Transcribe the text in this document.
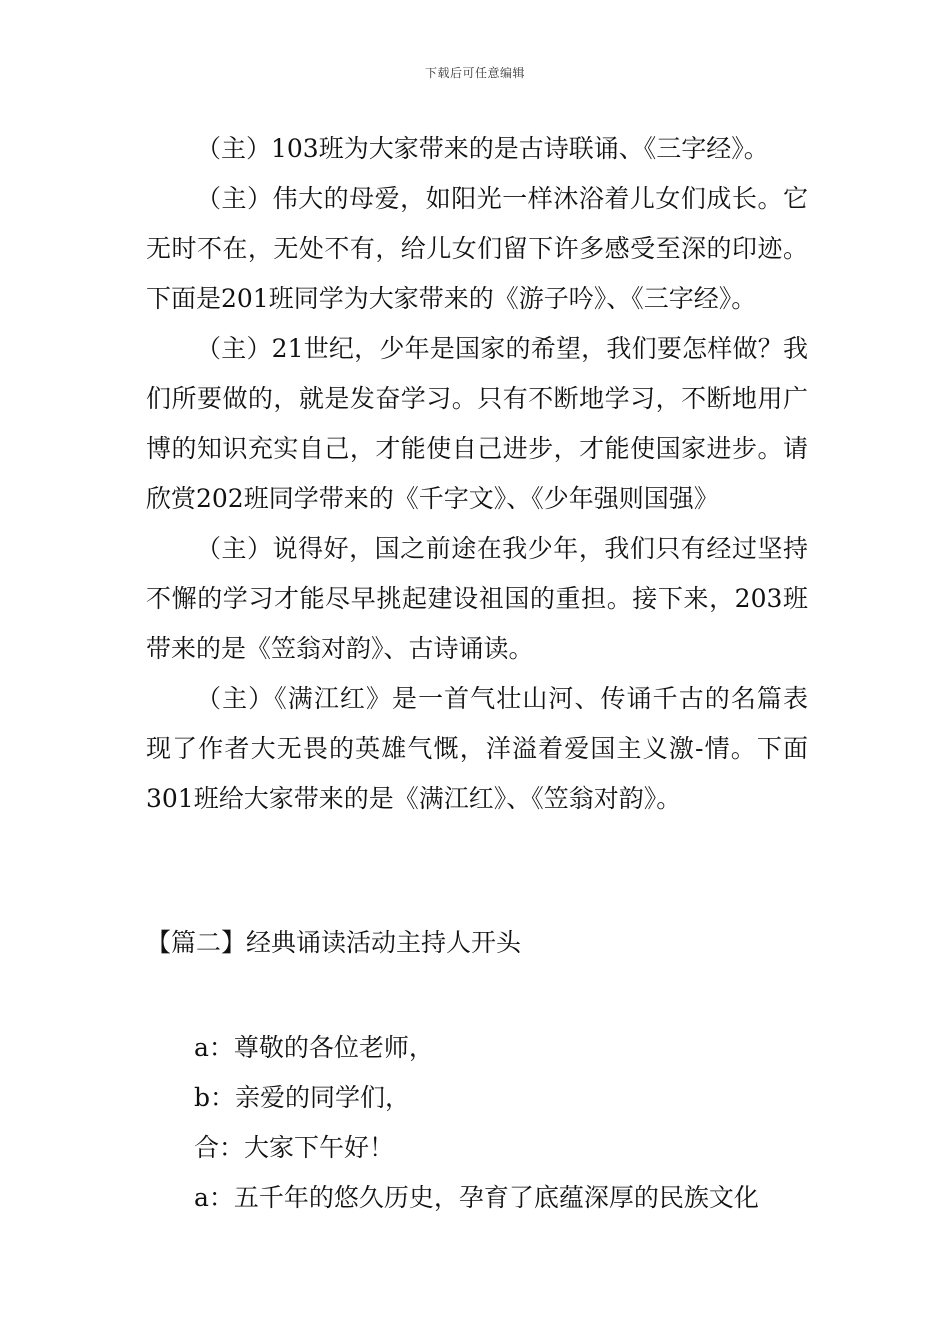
下载后可任意编辑

（主）103班为大家带来的是古诗联诵、《三字经》。

（主）伟大的母爱，如阳光一样沐浴着儿女们成长。它无时不在，无处不有，给儿女们留下许多感受至深的印迹。下面是201班同学为大家带来的《游子吟》、《三字经》。

（主）21世纪，少年是国家的希望，我们要怎样做？我们所要做的，就是发奋学习。只有不断地学习，不断地用广博的知识充实自己，才能使自己进步，才能使国家进步。请欣赏202班同学带来的《千字文》、《少年强则国强》

（主）说得好，国之前途在我少年，我们只有经过坚持不懈的学习才能尽早挑起建设祖国的重担。接下来，203班带来的是《笠翁对韵》、古诗诵读。

（主）《满江红》是一首气壮山河、传诵千古的名篇表现了作者大无畏的英雄气慨，洋溢着爱国主义激-情。下面301班给大家带来的是《满江红》、《笠翁对韵》。

【篇二】经典诵读活动主持人开头

a：尊敬的各位老师，

b：亲爱的同学们，

合：大家下午好！

a：五千年的悠久历史，孕育了底蕴深厚的民族文化
